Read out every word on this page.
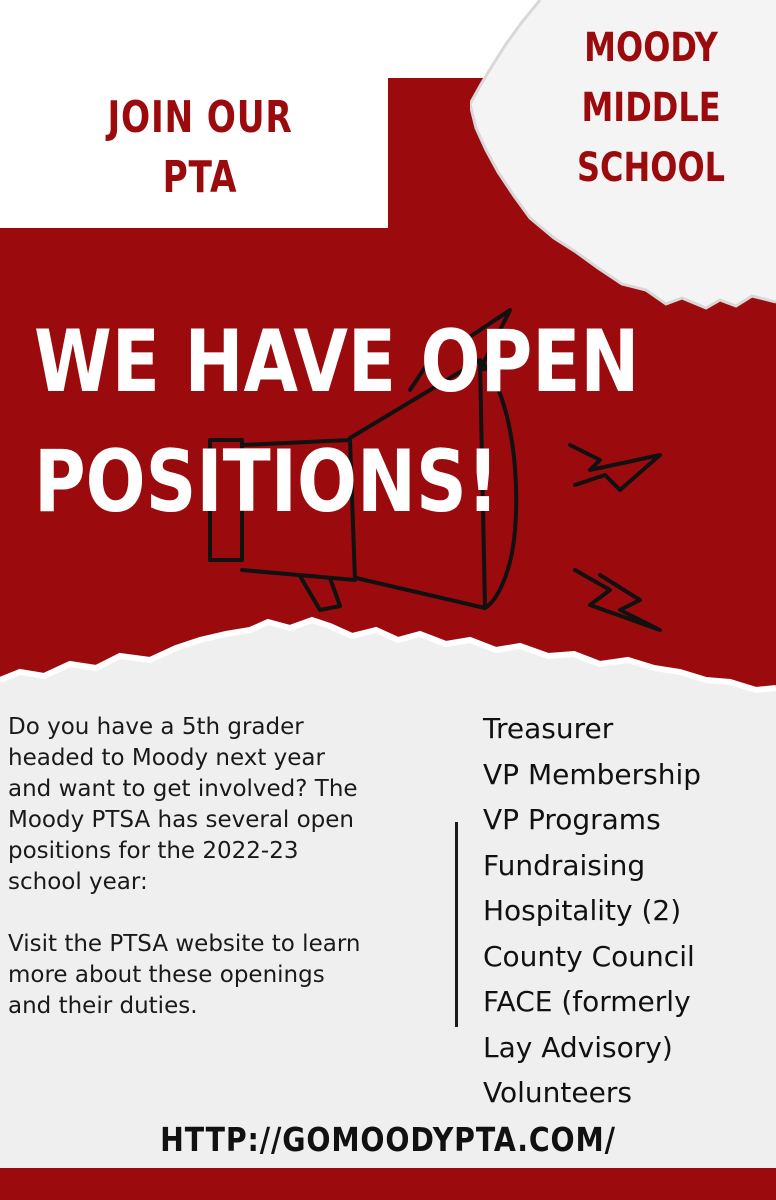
JOIN OUR
PTA
MOODY
MIDDLE
SCHOOL
WE HAVE OPEN
POSITIONS!

Do you have a 5th grader

headed to Moody next year

and want to get involved? The

Moody PTSA has several open

positions for the 2022-23

school year:

Visit the PTSA website to learn

more about these openings

and their duties.

Treasurer
VP Membership
VP Programs
Fundraising
Hospitality (2)
County Council
FACE (formerly
Lay Advisory)
Volunteers
HTTP://GOMOODYPTA.COM/
